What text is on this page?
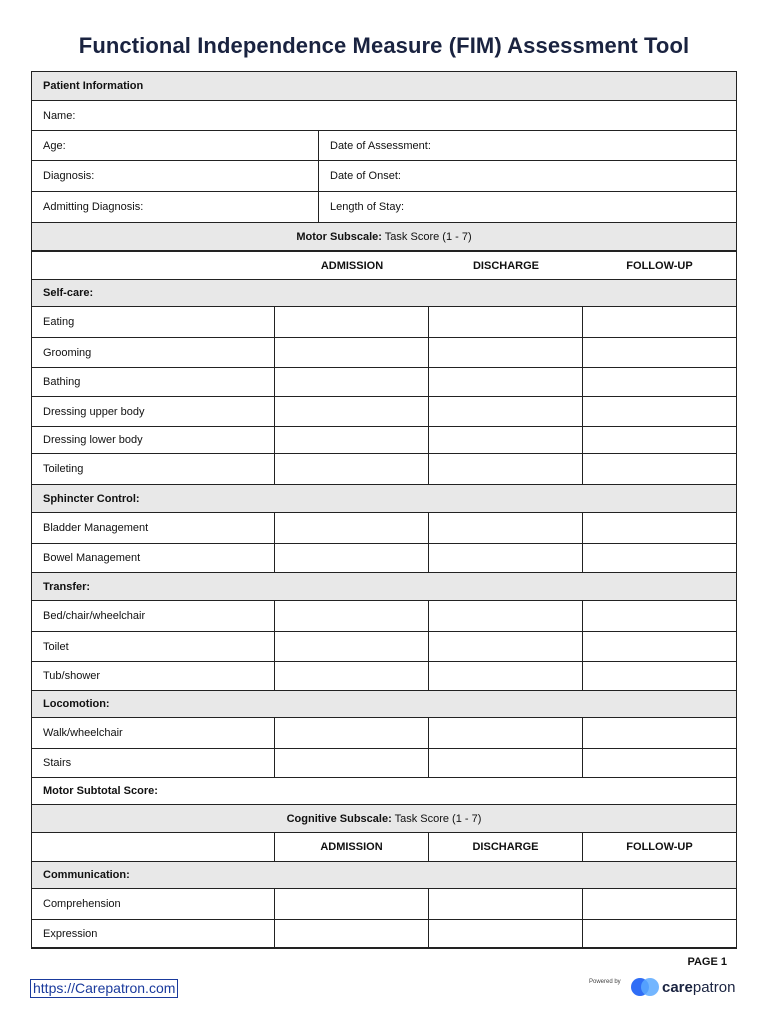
Functional Independence Measure (FIM) Assessment Tool
Patient Information
Name:
Age:	Date of Assessment:
Diagnosis:	Date of Onset:
Admitting Diagnosis:	Length of Stay:
Motor Subscale: Task Score (1 - 7)
ADMISSION	DISCHARGE	FOLLOW-UP
Self-care:
Eating
Grooming
Bathing
Dressing upper body
Dressing lower body
Toileting
Sphincter Control:
Bladder Management
Bowel Management
Transfer:
Bed/chair/wheelchair
Toilet
Tub/shower
Locomotion:
Walk/wheelchair
Stairs
Motor Subtotal Score:
Cognitive Subscale: Task Score (1 - 7)
ADMISSION	DISCHARGE	FOLLOW-UP
Communication:
Comprehension
Expression
PAGE 1
https://Carepatron.com	Powered by	carepatron
